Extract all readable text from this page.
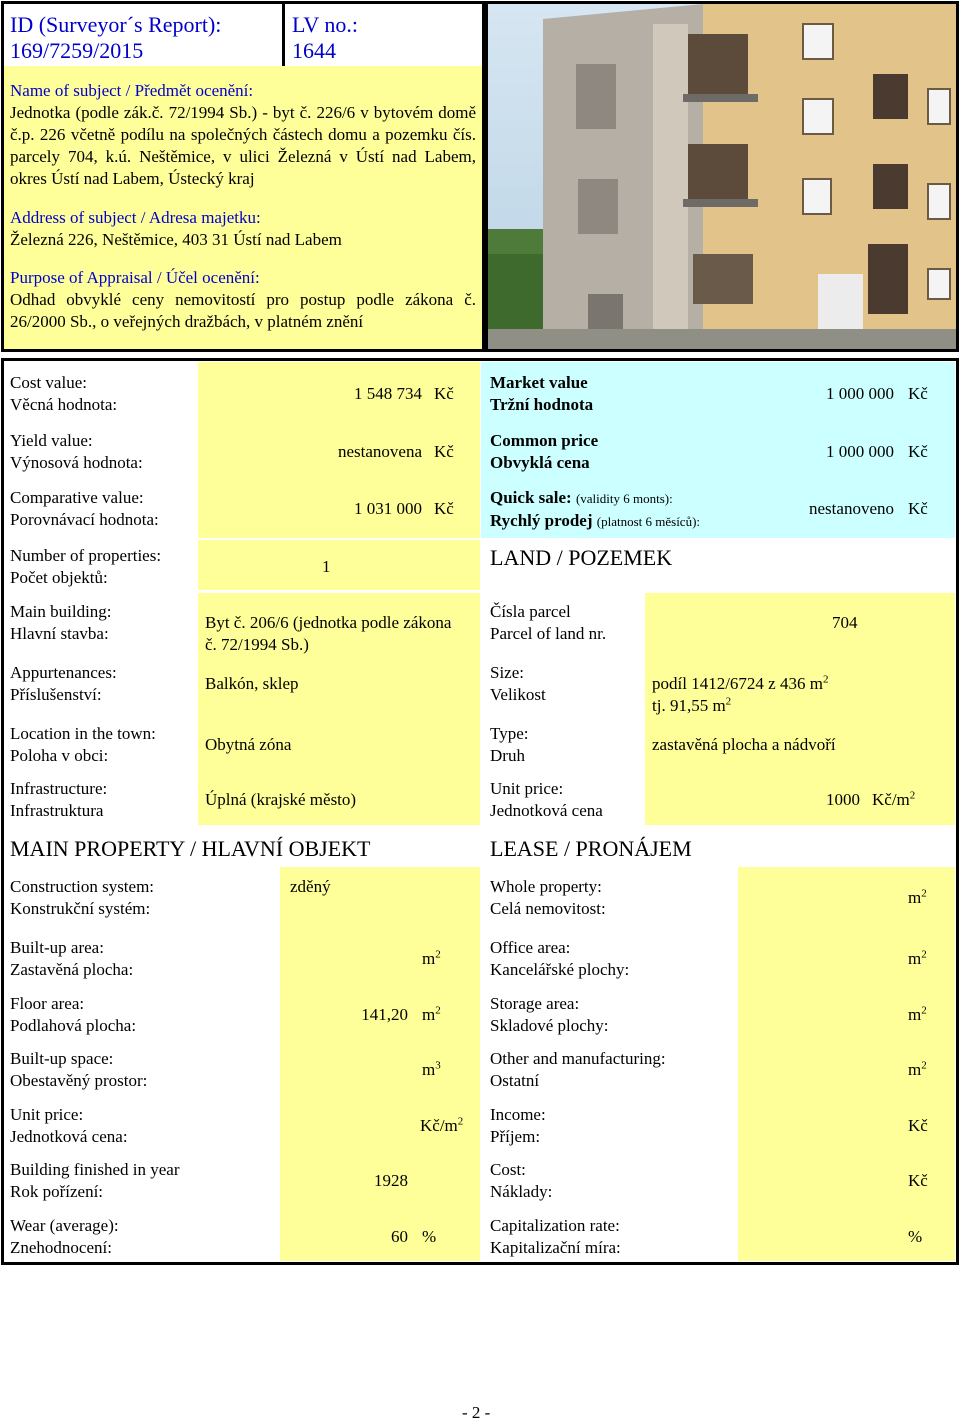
ID (Surveyor´s Report):
169/7259/2015
LV no.:
1644
Name of subject / Předmět ocenění:
Jednotka (podle zák.č. 72/1994 Sb.) - byt č. 226/6 v bytovém domě č.p. 226 včetně podílu na společných částech domu a pozemku čís. parcely 704, k.ú. Neštěmice, v ulici Železná v Ústí nad Labem, okres Ústí nad Labem, Ústecký kraj
Address of subject / Adresa majetku:
Železná 226, Neštěmice, 403 31 Ústí nad Labem
Purpose of Appraisal / Účel ocenění:
Odhad obvyklé ceny nemovitostí pro postup podle zákona č. 26/2000 Sb., o veřejných dražbách, v platném znění
Cost value:
Věcná hodnota:
1 548 734 Kč
Yield value:
Výnosová hodnota:
nestanovena Kč
Comparative value:
Porovnávací hodnota:
1 031 000 Kč
Market value
Tržní hodnota
1 000 000 Kč
Common price
Obvyklá cena
1 000 000 Kč
Quick sale: (validity 6 monts):
Rychlý prodej (platnost 6 měsíců):
nestanoveno Kč
Number of properties:
Počet objektů:
1
Main building:
Hlavní stavba:
Byt č. 206/6 (jednotka podle zákona č. 72/1994 Sb.)
Appurtenances:
Příslušenství:
Balkón, sklep
Location in the town:
Poloha v obci:
Obytná zóna
Infrastructure:
Infrastruktura
Úplná (krajské město)
LAND / POZEMEK
Čísla parcel
Parcel of land nr.
704
Size:
Velikost
podíl 1412/6724 z 436 $m^2$
tj. 91,55 $m^2$
Type:
Druh
zastavěná plocha a nádvoří
Unit price:
Jednotková cena
1000 $Kč/m^2$
MAIN PROPERTY / HLAVNÍ OBJEKT
Construction system:
Konstrukční systém:
zděný
Built-up area:
Zastavěná plocha:
$m^2$
Floor area:
Podlahová plocha:
141,20 $m^2$
Built-up space:
Obestavěný prostor:
$m^3$
Unit price:
Jednotková cena:
$Kč/m^2$
Building finished in year
Rok pořízení:
1928
Wear (average):
Znehodnocení:
60 %
LEASE / PRONÁJEM
Whole property:
Celá nemovitost:
$m^2$
Office area:
Kancelářské plochy:
$m^2$
Storage area:
Skladové plochy:
$m^2$
Other and manufacturing:
Ostatní
$m^2$
Income:
Příjem:
Kč
Cost:
Náklady:
Kč
Capitalization rate:
Kapitalizační míra:
%
- 2 -
